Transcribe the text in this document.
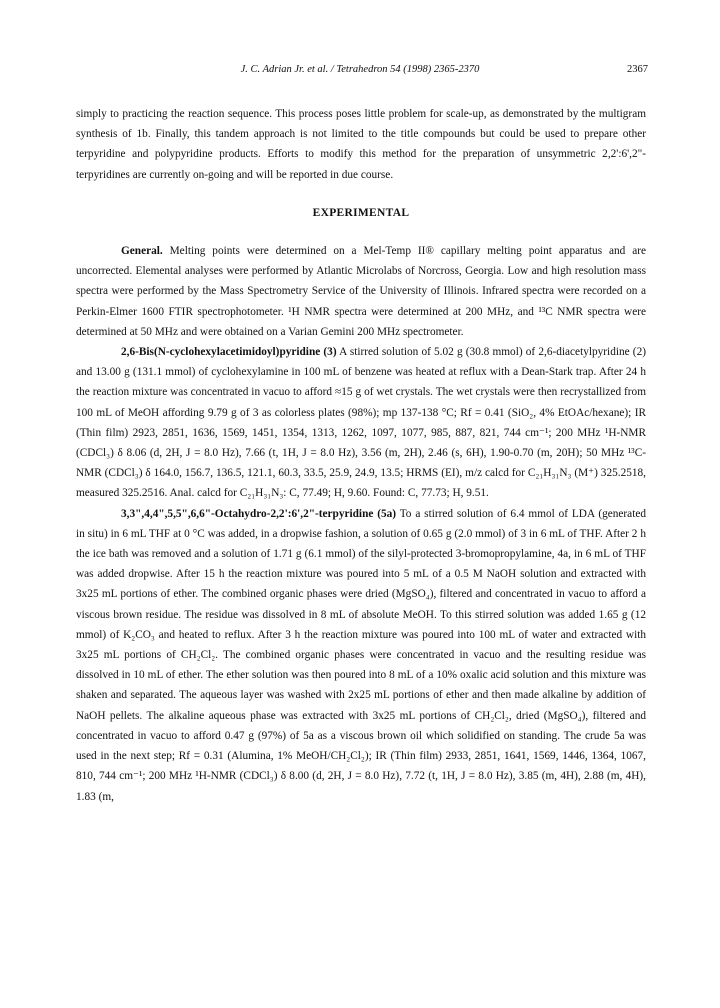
J. C. Adrian Jr. et al. / Tetrahedron 54 (1998) 2365-2370	2367

simply to practicing the reaction sequence. This process poses little problem for scale-up, as demonstrated by the multigram synthesis of 1b. Finally, this tandem approach is not limited to the title compounds but could be used to prepare other terpyridine and polypyridine products. Efforts to modify this method for the preparation of unsymmetric 2,2':6',2"-terpyridines are currently on-going and will be reported in due course.

EXPERIMENTAL

General. Melting points were determined on a Mel-Temp II® capillary melting point apparatus and are uncorrected. Elemental analyses were performed by Atlantic Microlabs of Norcross, Georgia. Low and high resolution mass spectra were performed by the Mass Spectrometry Service of the University of Illinois. Infrared spectra were recorded on a Perkin-Elmer 1600 FTIR spectrophotometer. ¹H NMR spectra were determined at 200 MHz, and ¹³C NMR spectra were determined at 50 MHz and were obtained on a Varian Gemini 200 MHz spectrometer.

2,6-Bis(N-cyclohexylacetimidoyl)pyridine (3) A stirred solution of 5.02 g (30.8 mmol) of 2,6-diacetylpyridine (2) and 13.00 g (131.1 mmol) of cyclohexylamine in 100 mL of benzene was heated at reflux with a Dean-Stark trap. After 24 h the reaction mixture was concentrated in vacuo to afford ≈15 g of wet crystals. The wet crystals were then recrystallized from 100 mL of MeOH affording 9.79 g of 3 as colorless plates (98%); mp 137-138 °C; Rf = 0.41 (SiO₂, 4% EtOAc/hexane); IR (Thin film) 2923, 2851, 1636, 1569, 1451, 1354, 1313, 1262, 1097, 1077, 985, 887, 821, 744 cm⁻¹; 200 MHz ¹H-NMR (CDCl₃) δ 8.06 (d, 2H, J = 8.0 Hz), 7.66 (t, 1H, J = 8.0 Hz), 3.56 (m, 2H), 2.46 (s, 6H), 1.90-0.70 (m, 20H); 50 MHz ¹³C-NMR (CDCl₃) δ 164.0, 156.7, 136.5, 121.1, 60.3, 33.5, 25.9, 24.9, 13.5; HRMS (EI), m/z calcd for C₂₁H₃₁N₃ (M⁺) 325.2518, measured 325.2516. Anal. calcd for C₂₁H₃₁N₃: C, 77.49; H, 9.60. Found: C, 77.73; H, 9.51.

3,3",4,4",5,5",6,6"-Octahydro-2,2':6',2"-terpyridine (5a) To a stirred solution of 6.4 mmol of LDA (generated in situ) in 6 mL THF at 0 °C was added, in a dropwise fashion, a solution of 0.65 g (2.0 mmol) of 3 in 6 mL of THF. After 2 h the ice bath was removed and a solution of 1.71 g (6.1 mmol) of the silyl-protected 3-bromopropylamine, 4a, in 6 mL of THF was added dropwise. After 15 h the reaction mixture was poured into 5 mL of a 0.5 M NaOH solution and extracted with 3x25 mL portions of ether. The combined organic phases were dried (MgSO₄), filtered and concentrated in vacuo to afford a viscous brown residue. The residue was dissolved in 8 mL of absolute MeOH. To this stirred solution was added 1.65 g (12 mmol) of K₂CO₃ and heated to reflux. After 3 h the reaction mixture was poured into 100 mL of water and extracted with 3x25 mL portions of CH₂Cl₂. The combined organic phases were concentrated in vacuo and the resulting residue was dissolved in 10 mL of ether. The ether solution was then poured into 8 mL of a 10% oxalic acid solution and this mixture was shaken and separated. The aqueous layer was washed with 2x25 mL portions of ether and then made alkaline by addition of NaOH pellets. The alkaline aqueous phase was extracted with 3x25 mL portions of CH₂Cl₂, dried (MgSO₄), filtered and concentrated in vacuo to afford 0.47 g (97%) of 5a as a viscous brown oil which solidified on standing. The crude 5a was used in the next step; Rf = 0.31 (Alumina, 1% MeOH/CH₂Cl₂); IR (Thin film) 2933, 2851, 1641, 1569, 1446, 1364, 1067, 810, 744 cm⁻¹; 200 MHz ¹H-NMR (CDCl₃) δ 8.00 (d, 2H, J = 8.0 Hz), 7.72 (t, 1H, J = 8.0 Hz), 3.85 (m, 4H), 2.88 (m, 4H), 1.83 (m,
